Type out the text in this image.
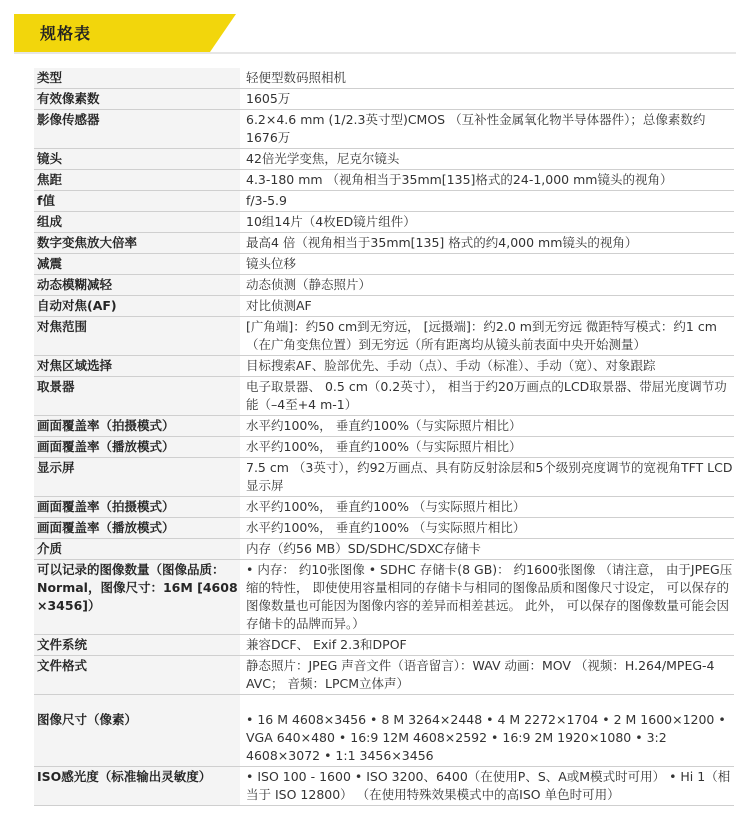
规格表
类型	轻便型数码照相机
有效像素数	1605万
影像传感器	6.2×4.6 mm (1/2.3英寸型)CMOS （互补性金属氧化物半导体器件）；总像素数约1676万
镜头	42倍光学变焦，尼克尔镜头
焦距	4.3-180 mm （视角相当于35mm[135]格式的24-1,000 mm镜头的视角）
f值	f/3-5.9
组成	10组14片（4枚ED镜片组件）
数字变焦放大倍率	最高4 倍（视角相当于35mm[135] 格式的约4,000 mm镜头的视角）
减震	镜头位移
动态模糊减轻	动态侦测（静态照片）
自动对焦(AF)	对比侦测AF
对焦范围	[广角端]：约50 cm到无穷远， [远摄端]：约2.0 m到无穷远 微距特写模式：约1 cm（在广角变焦位置）到无穷远（所有距离均从镜头前表面中央开始测量）
对焦区域选择	目标搜索AF、脸部优先、手动（点）、手动（标准）、手动（宽）、对象跟踪
取景器	电子取景器、 0.5 cm（0.2英寸）， 相当于约20万画点的LCD取景器、带屈光度调节功能（–4至+4 m-1）
画面覆盖率（拍摄模式）	水平约100%， 垂直约100%（与实际照片相比）
画面覆盖率（播放模式）	水平约100%， 垂直约100%（与实际照片相比）
显示屏	7.5 cm （3英寸），约92万画点、具有防反射涂层和5个级别亮度调节的宽视角TFT LCD显示屏
画面覆盖率（拍摄模式）	水平约100%， 垂直约100% （与实际照片相比）
画面覆盖率（播放模式）	水平约100%， 垂直约100% （与实际照片相比）
介质	内存（约56 MB）SD/SDHC/SDXC存储卡
可以记录的图像数量（图像品质：Normal，图像尺寸：16M [4608 ×3456]）	• 内存： 约10张图像 • SDHC 存储卡(8 GB)： 约1600张图像 （请注意， 由于JPEG压缩的特性， 即使使用容量相同的存储卡与相同的图像品质和图像尺寸设定， 可以保存的图像数量也可能因为图像内容的差异而相差甚远。 此外， 可以保存的图像数量可能会因存储卡的品牌而异。）
文件系统	兼容DCF、 Exif 2.3和DPOF
文件格式	静态照片：JPEG 声音文件（语音留言）：WAV 动画：MOV （视频：H.264/MPEG-4 AVC； 音频：LPCM立体声）
图像尺寸（像素）	• 16 M 4608×3456 • 8 M 3264×2448 • 4 M 2272×1704 • 2 M 1600×1200 • VGA 640×480 • 16:9 12M 4608×2592 • 16:9 2M 1920×1080 • 3:2 4608×3072 • 1:1 3456×3456
ISO感光度（标准输出灵敏度）	• ISO 100 - 1600 • ISO 3200、6400（在使用P、S、A或M模式时可用） • Hi 1（相当于 ISO 12800） （在使用特殊效果模式中的高ISO 单色时可用）
